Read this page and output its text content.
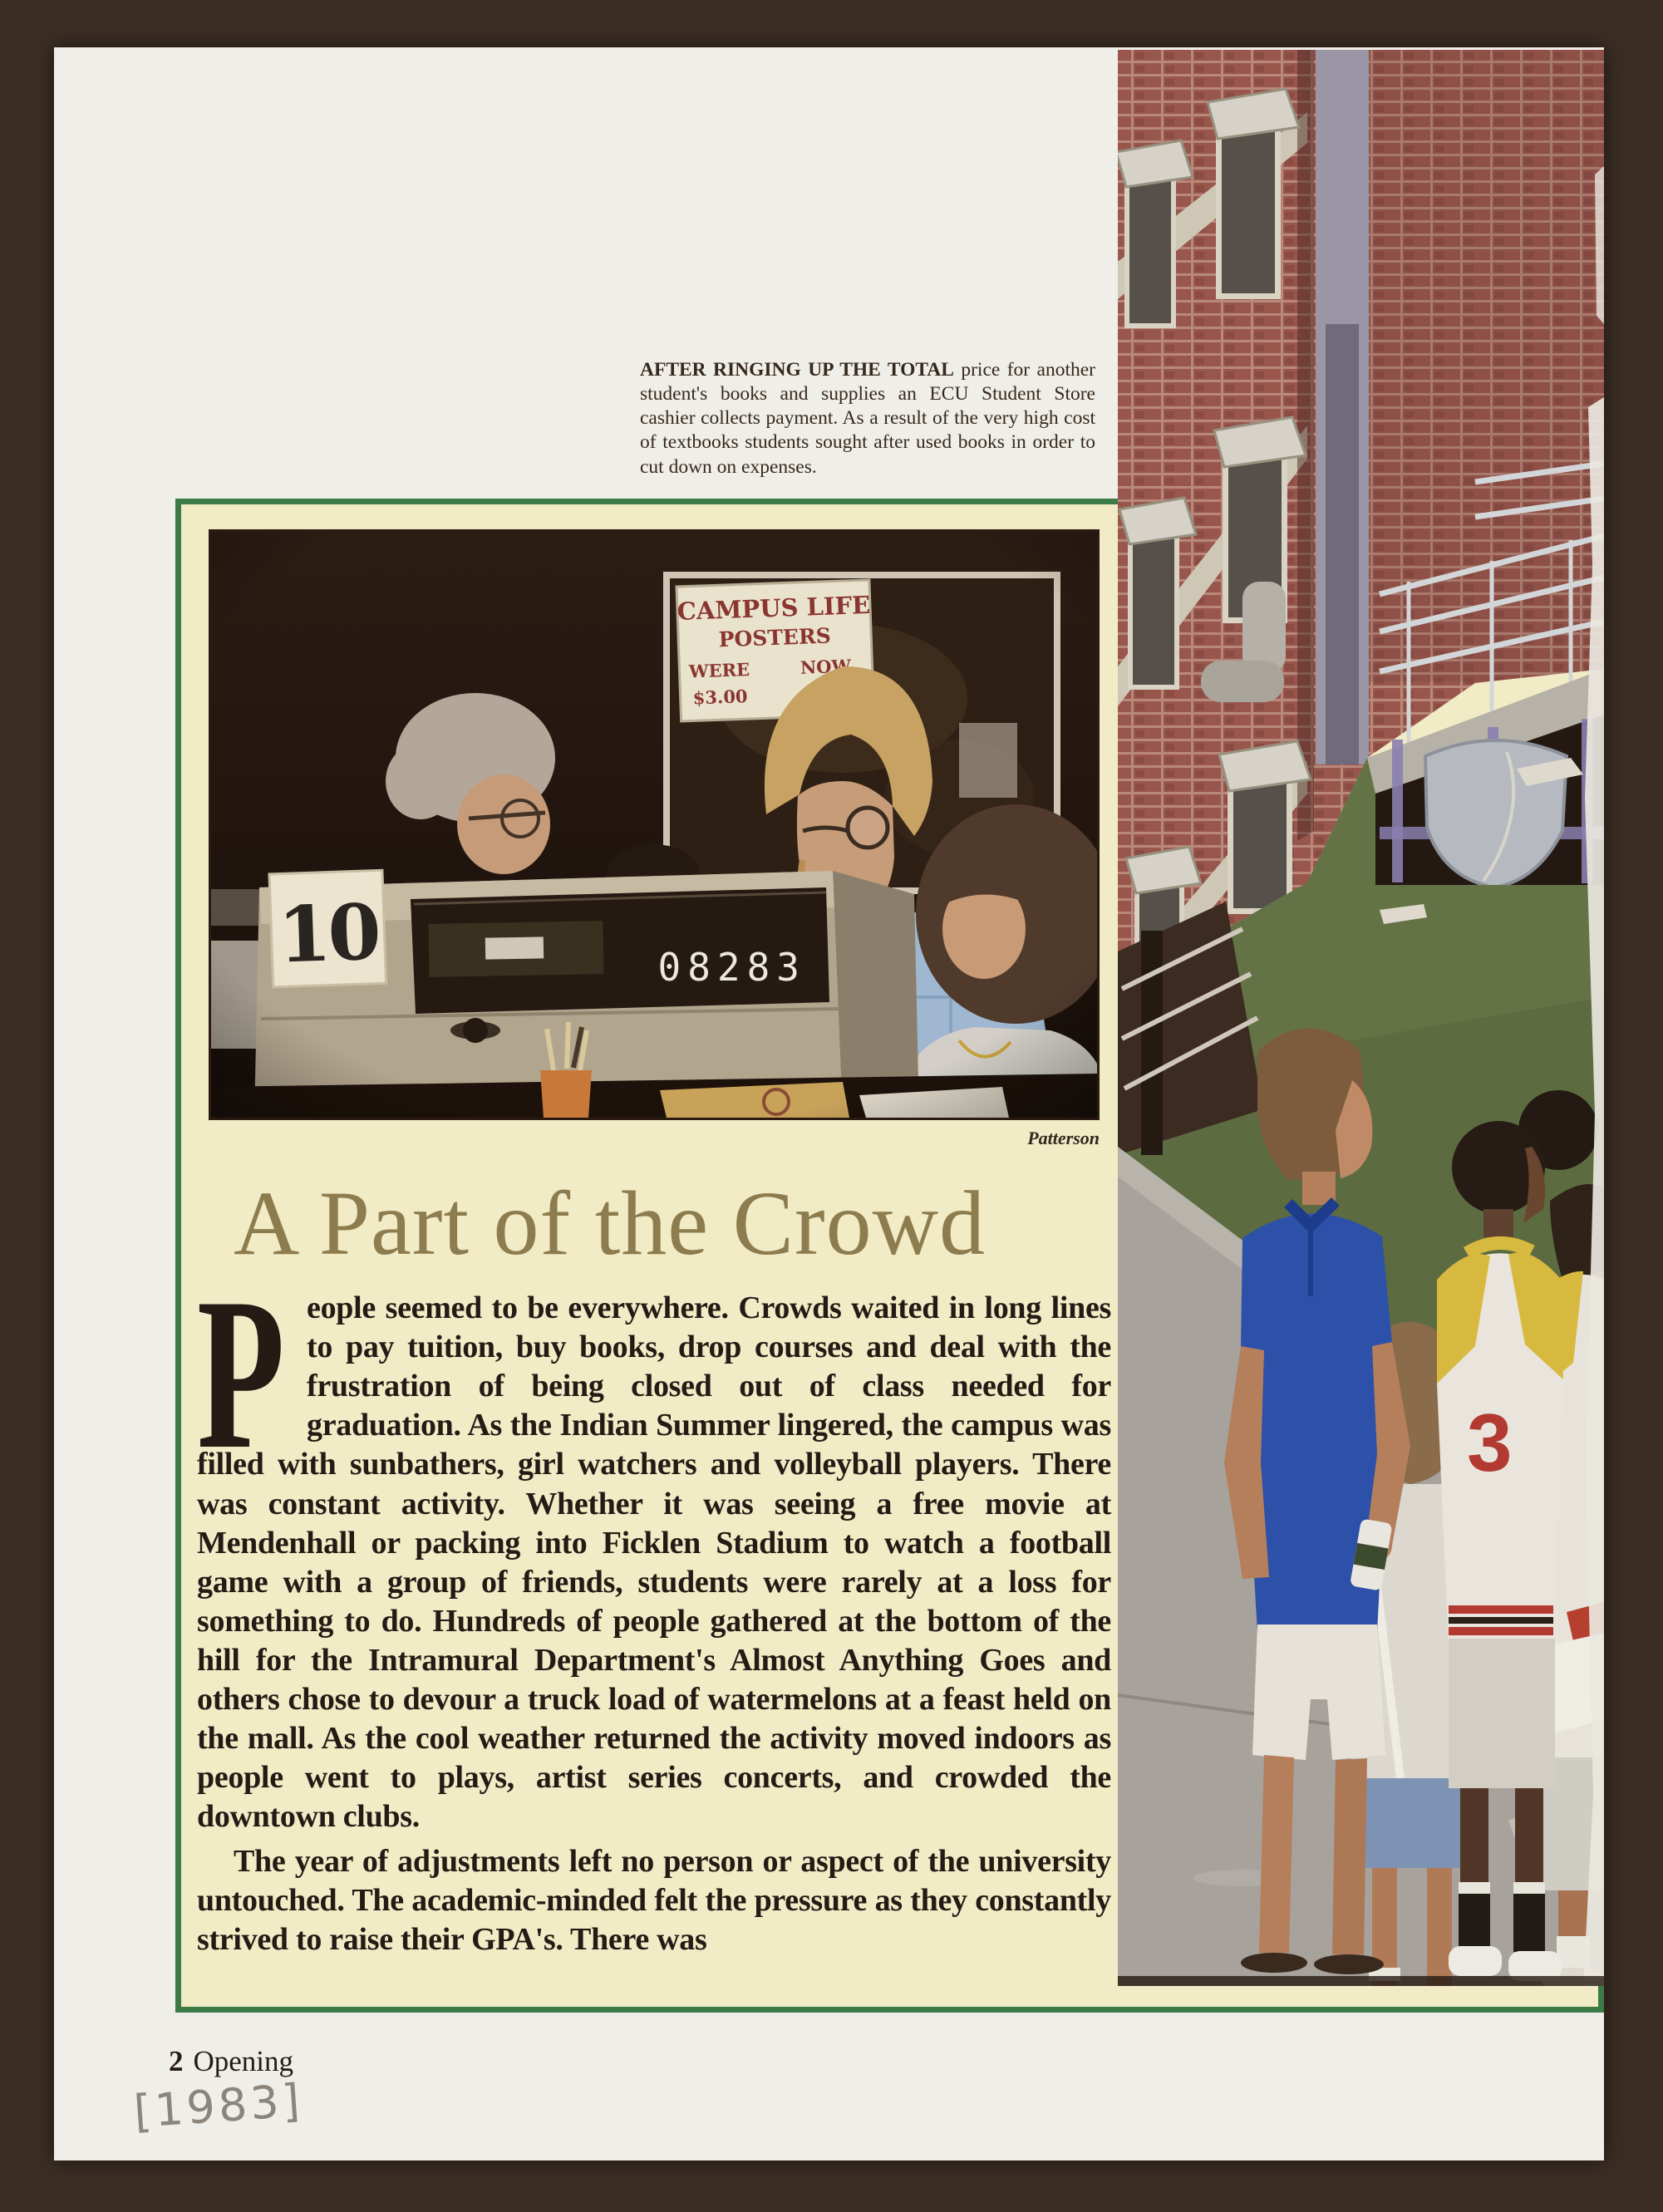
AFTER RINGING UP THE TOTAL price for another student's books and supplies an ECU Student Store cashier collects payment. As a result of the very high cost of textbooks students sought after used books in order to cut down on expenses.
Patterson
A Part of the Crowd

People seemed to be everywhere. Crowds waited in long lines to pay tuition, buy books, drop courses and deal with the frustration of being closed out of class needed for graduation. As the Indian Summer lingered, the campus was filled with sunbathers, girl watchers and volleyball players. There was constant activity. Whether it was seeing a free movie at Mendenhall or packing into Ficklen Stadium to watch a football game with a group of friends, students were rarely at a loss for something to do. Hundreds of people gathered at the bottom of the hill for the Intramural Department's Almost Anything Goes and others chose to devour a truck load of watermelons at a feast held on the mall. As the cool weather returned the activity moved indoors as people went to plays, artist series concerts, and crowded the downtown clubs.

The year of adjustments left no person or aspect of the university untouched. The academic-minded felt the pressure as they constantly strived to raise their GPA's. There was

2 Opening
[1983]
3
